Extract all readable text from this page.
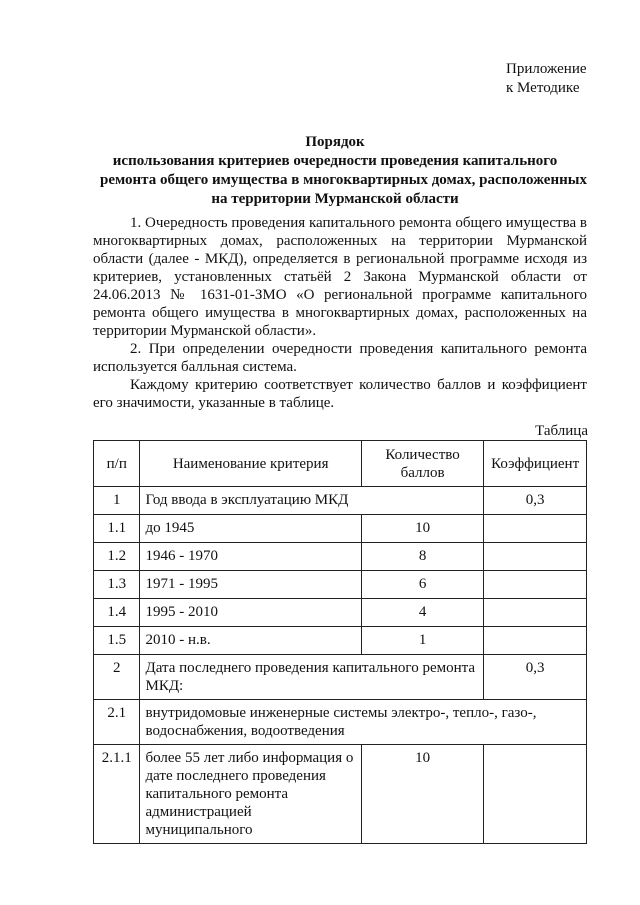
Приложение
к Методике
Порядок
использования критериев очередности проведения капитального
ремонта общего имущества в многоквартирных домах, расположенных
на территории Мурманской области

1. Очередность проведения капитального ремонта общего имущества в многоквартирных домах, расположенных на территории Мурманской области (далее - МКД), определяется в региональной программе исходя из критериев, установленных статьёй 2 Закона Мурманской области от 24.06.2013 № 1631-01-ЗМО «О региональной программе капитального ремонта общего имущества в многоквартирных домах, расположенных на территории Мурманской области».

2. При определении очередности проведения капитального ремонта используется балльная система.

Каждому критерию соответствует количество баллов и коэффициент его значимости, указанные в таблице.

Таблица
п/п	Наименование критерия	Количество баллов	Коэффициент
1	Год ввода в эксплуатацию МКД		0,3
1.1	до 1945	10	
1.2	1946 - 1970	8	
1.3	1971 - 1995	6	
1.4	1995 - 2010	4	
1.5	2010 - н.в.	1	
2	Дата последнего проведения капитального ремонта МКД:		0,3
2.1	внутридомовые инженерные системы электро-, тепло-, газо-, водоснабжения, водоотведения		
2.1.1	более 55 лет либо информация о дате последнего проведения капитального ремонта администрацией муниципального	10	
